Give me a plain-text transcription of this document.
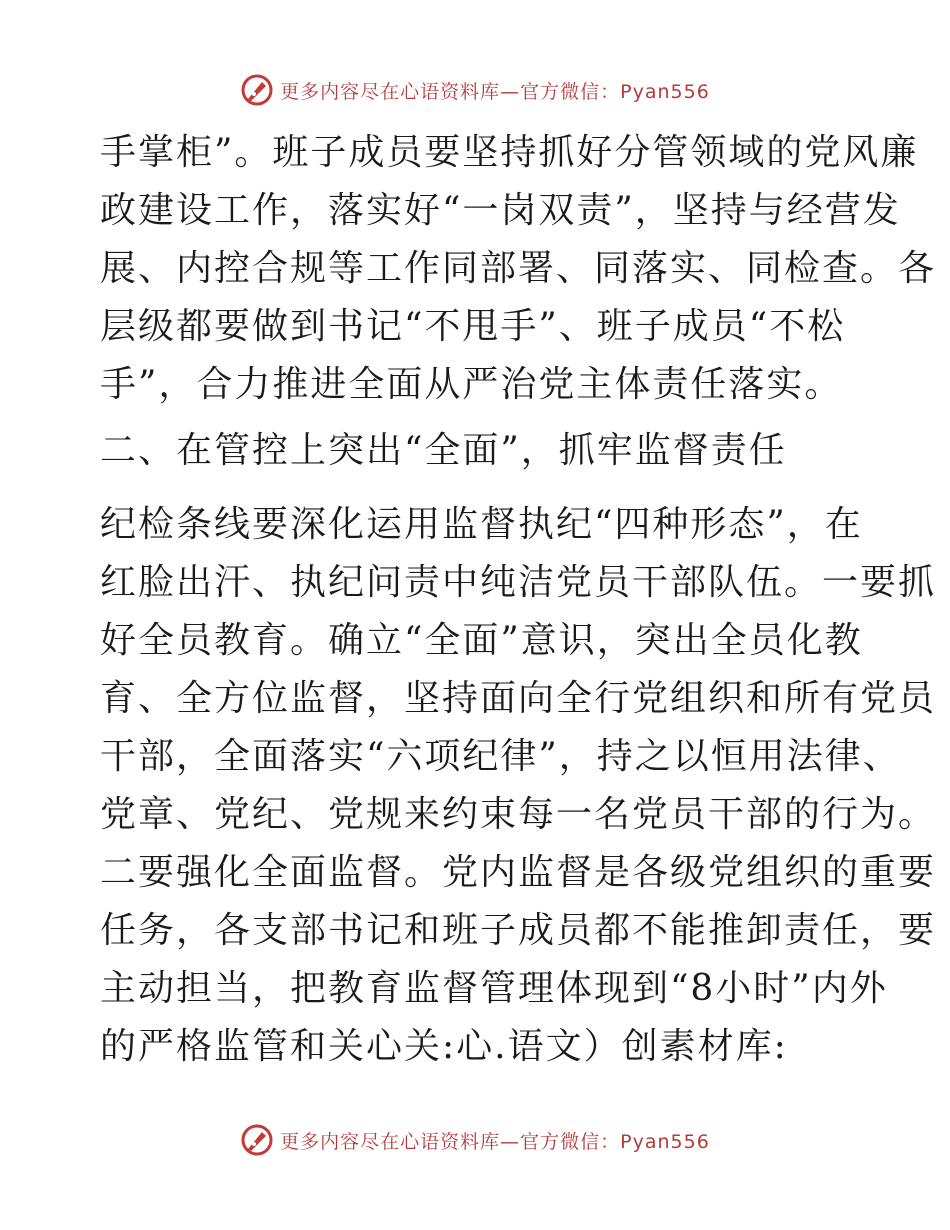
更多内容尽在心语资料库—官方微信：Pyan556
手掌柜”。班子成员要坚持抓好分管领域的党风廉
政建设工作，落实好“一岗双责”，坚持与经营发
展、内控合规等工作同部署、同落实、同检查。各
层级都要做到书记“不甩手”、班子成员“不松
手”，合力推进全面从严治党主体责任落实。
二、在管控上突出“全面”，抓牢监督责任
纪检条线要深化运用监督执纪“四种形态”，在
红脸出汗、执纪问责中纯洁党员干部队伍。一要抓
好全员教育。确立“全面”意识，突出全员化教
育、全方位监督，坚持面向全行党组织和所有党员
干部，全面落实“六项纪律”，持之以恒用法律、
党章、党纪、党规来约束每一名党员干部的行为。
二要强化全面监督。党内监督是各级党组织的重要
任务，各支部书记和班子成员都不能推卸责任，要
主动担当，把教育监督管理体现到“8小时”内外
的严格监管和关心关:心.语文）创素材库:
更多内容尽在心语资料库—官方微信：Pyan556
